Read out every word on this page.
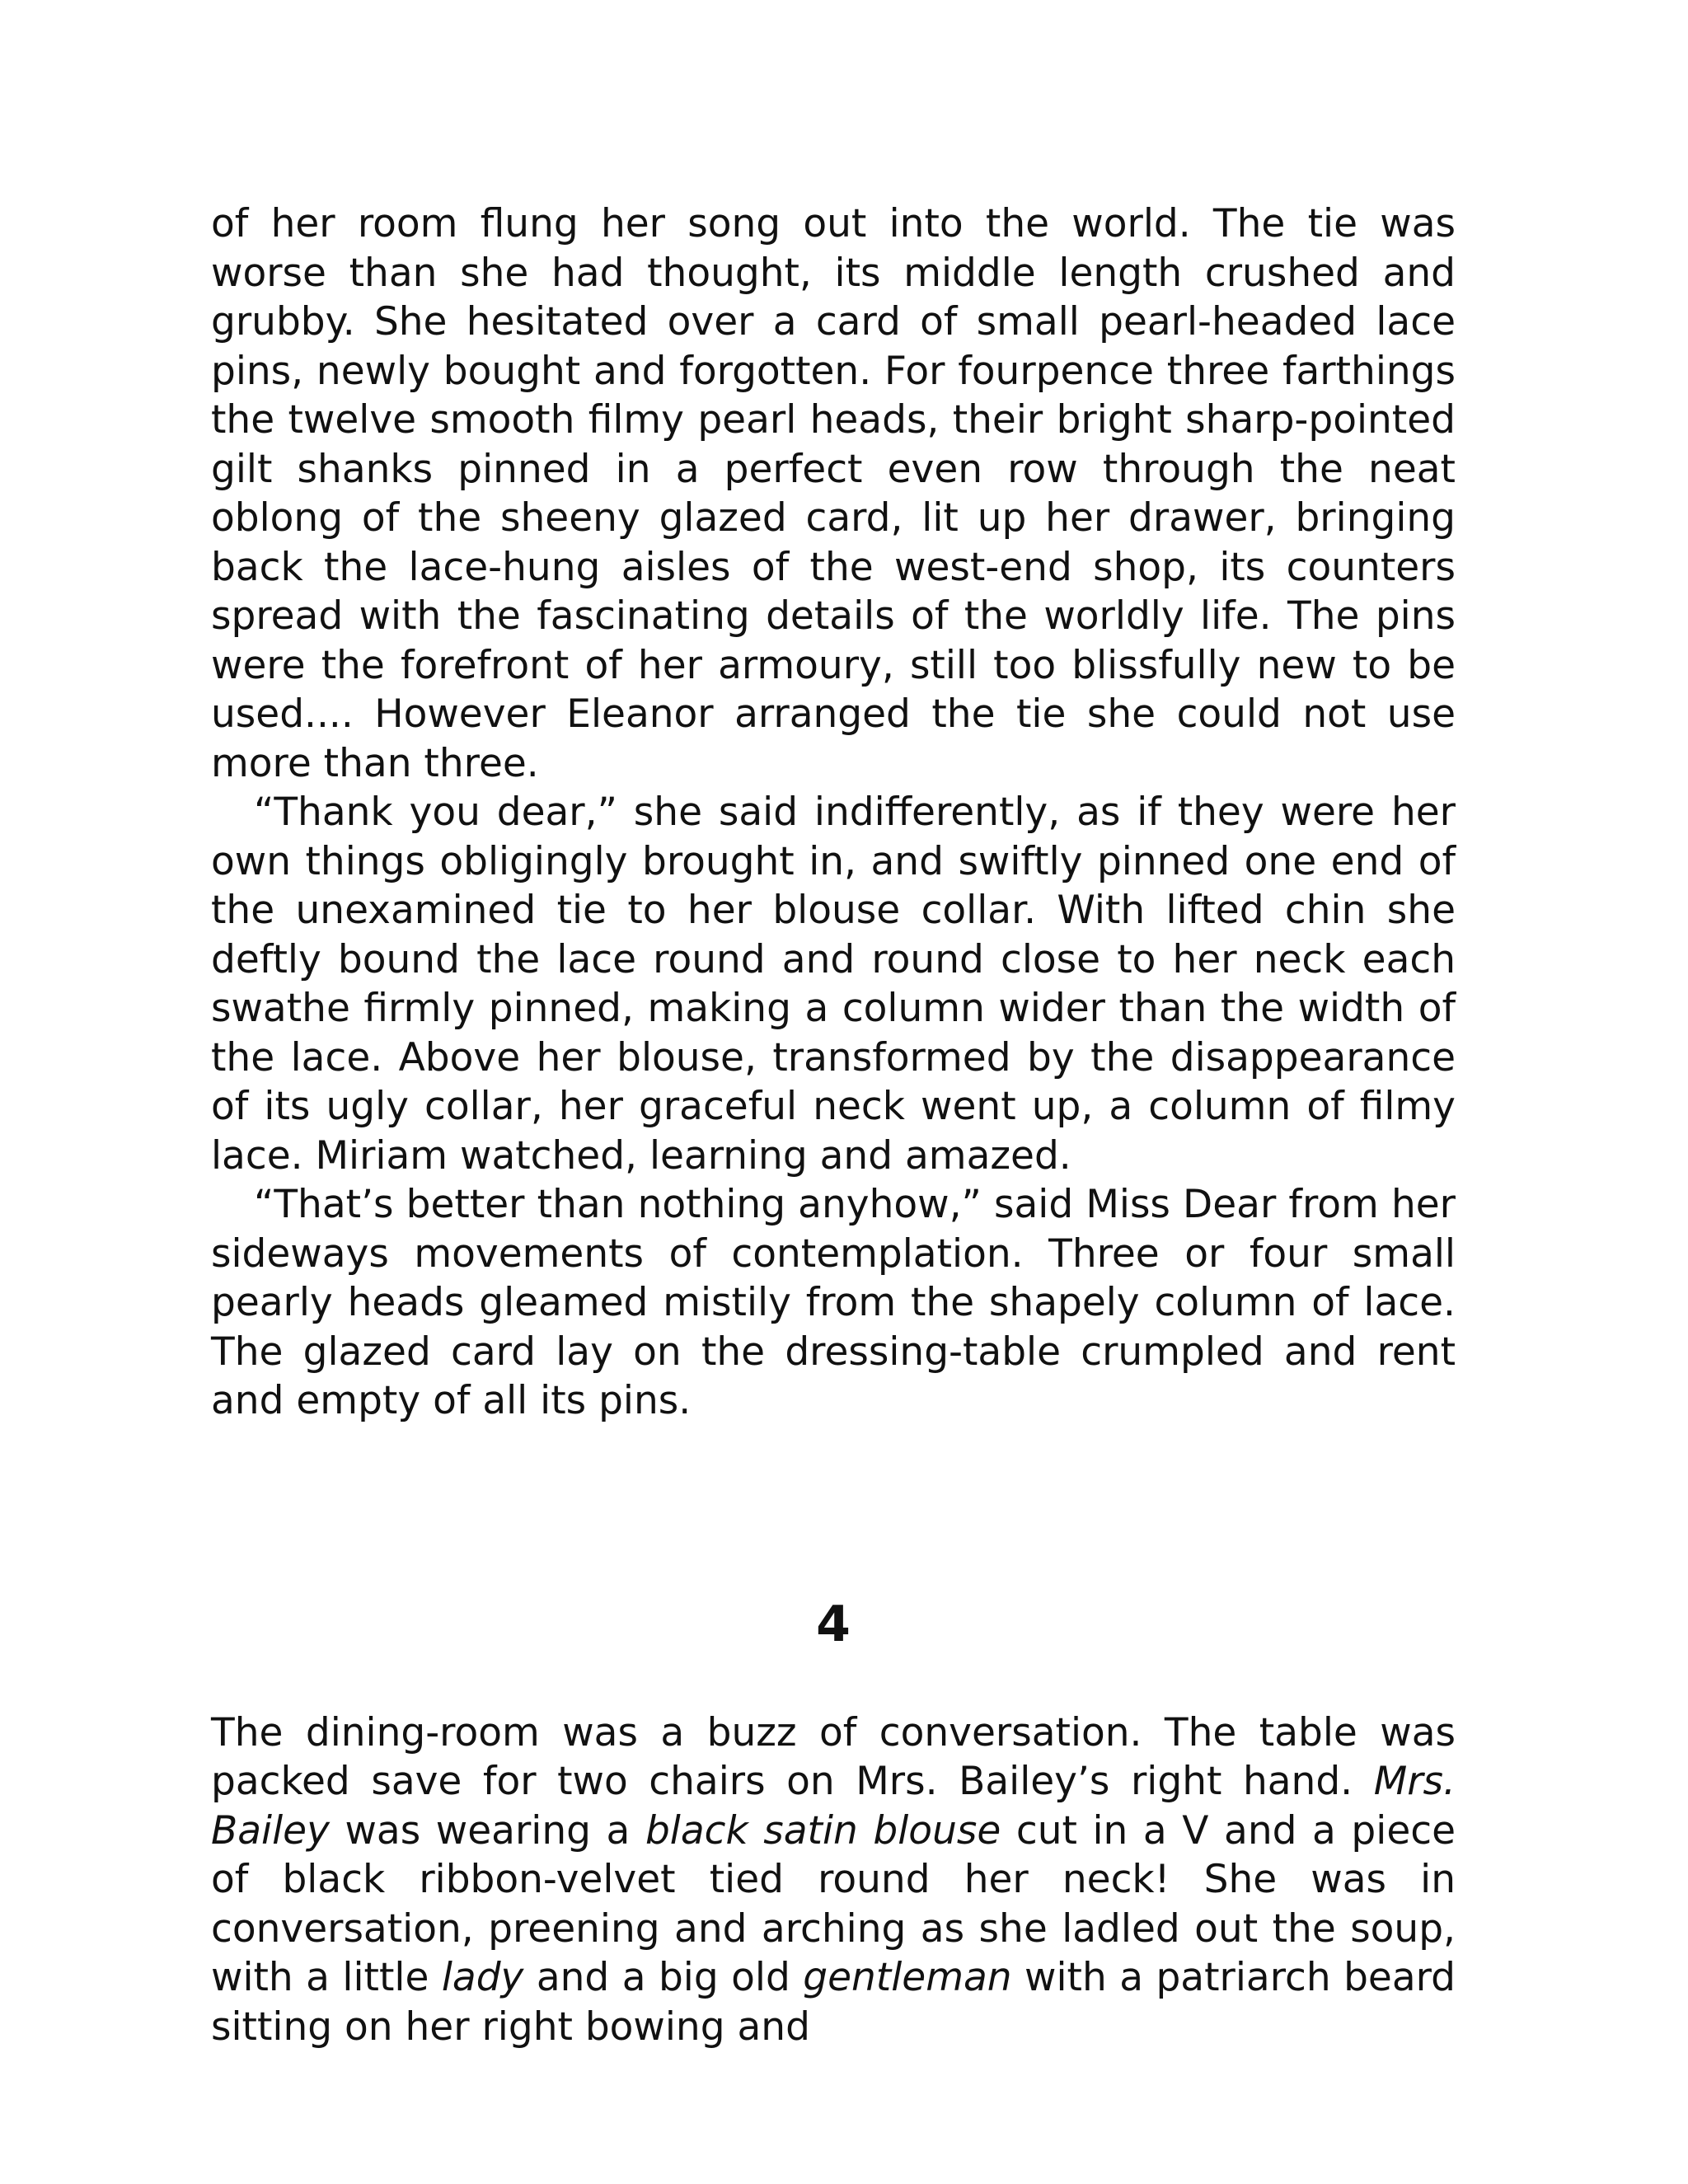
of her room flung her song out into the world. The tie was worse than she had thought, its middle length crushed and grubby. She hesitated over a card of small pearl-headed lace pins, newly bought and forgotten. For fourpence three farthings the twelve smooth filmy pearl heads, their bright sharp-pointed gilt shanks pinned in a perfect even row through the neat oblong of the sheeny glazed card, lit up her drawer, bringing back the lace-hung aisles of the west-end shop, its counters spread with the fascinating details of the worldly life. The pins were the forefront of her armoury, still too blissfully new to be used.... However Eleanor arranged the tie she could not use more than three.

“Thank you dear,” she said indifferently, as if they were her own things obligingly brought in, and swiftly pinned one end of the unexamined tie to her blouse collar. With lifted chin she deftly bound the lace round and round close to her neck each swathe firmly pinned, making a column wider than the width of the lace. Above her blouse, transformed by the disappearance of its ugly collar, her graceful neck went up, a column of filmy lace. Miriam watched, learning and amazed.

“That’s better than nothing anyhow,” said Miss Dear from her sideways movements of contemplation. Three or four small pearly heads gleamed mistily from the shapely column of lace. The glazed card lay on the dressing-table crumpled and rent and empty of all its pins.

4

The dining-room was a buzz of conversation. The table was packed save for two chairs on Mrs. Bailey’s right hand. Mrs. Bailey was wearing a black satin blouse cut in a V and a piece of black ribbon-velvet tied round her neck! She was in conversation, preening and arching as she ladled out the soup, with a little lady and a big old gentleman with a patriarch beard sitting on her right bowing and
